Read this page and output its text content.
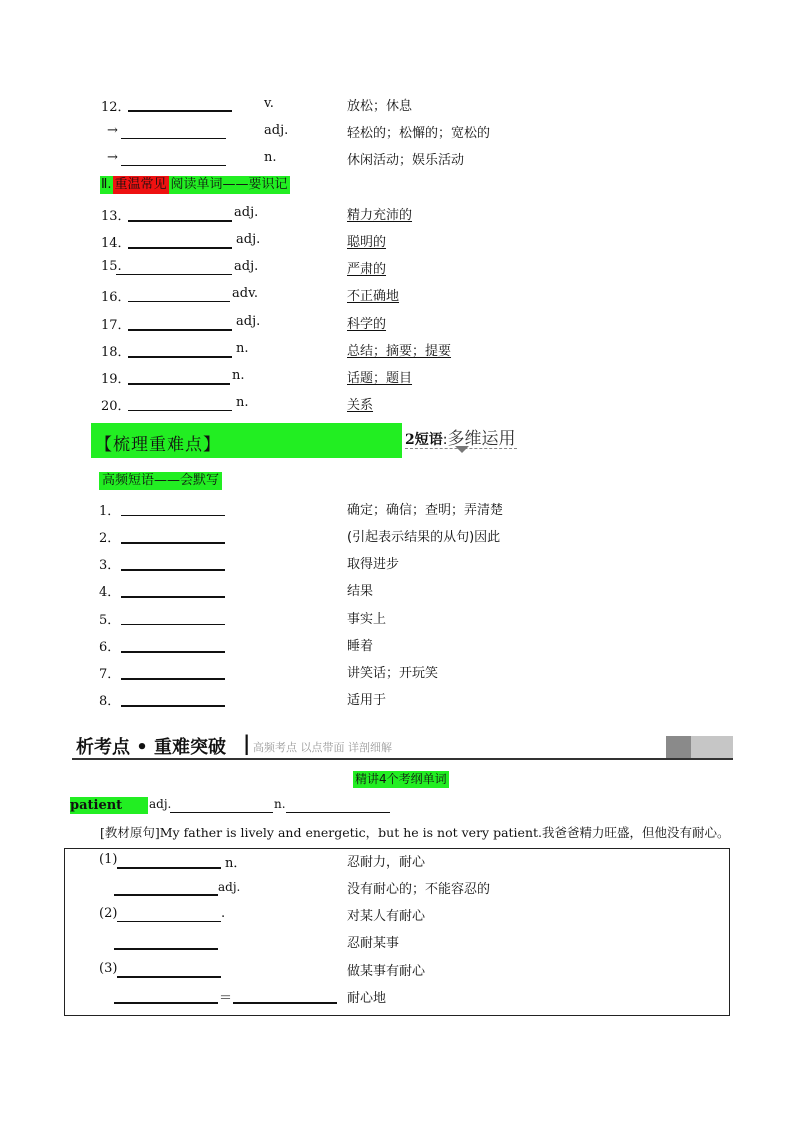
12．	v.	放松；休息
→	adj.	轻松的；松懈的；宽松的
→	n.	休闲活动；娱乐活动
Ⅱ. 重温常见 阅读单词——要识记
13．	adj.	精力充沛的
14．	adj.	聪明的
15.	adj.	严肃的
16．	adv.	不正确地
17．	adj.	科学的
18．	n.	总结；摘要；提要
19．	n.	话题；题目
20．	n.	关系
【梳理重难点】	2短语:多维运用
高频短语——会默写
1．	确定；确信；查明；弄清楚
2．	(引起表示结果的从句)因此
3．	取得进步
4．	结果
5．	事实上
6．	睡着
7．	讲笑话；开玩笑
8．	适用于
析考点 • 重难突破 | 高频考点 以点带面 详剖细解
精讲4个考纲单词
patient	adj.	n.
[教材原句]My father is lively and energetic，but he is not very patient.我爸爸精力旺盛，但他没有耐心。
(1)	n．	忍耐力，耐心
adj.	没有耐心的；不能容忍的
(2)	.	对某人有耐心
忍耐某事
(3)	做某事有耐心
＝	耐心地
